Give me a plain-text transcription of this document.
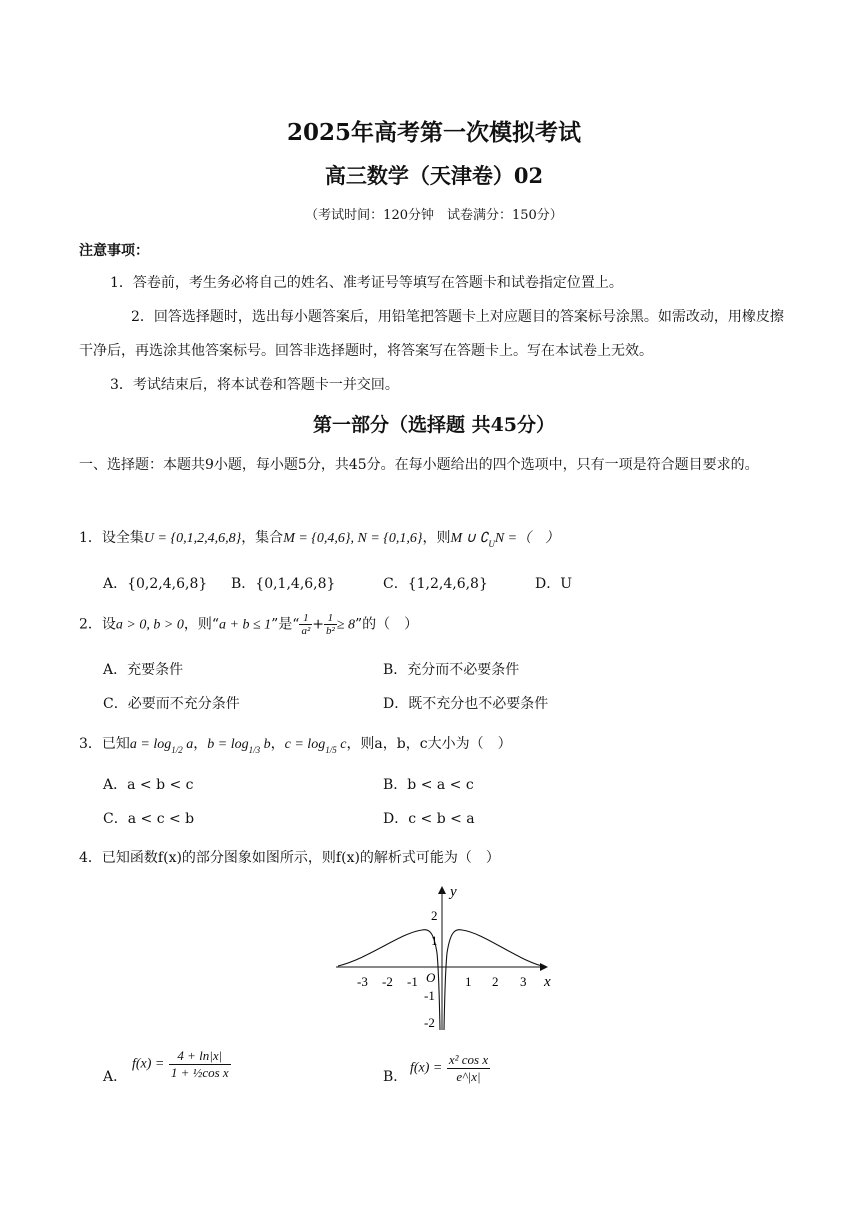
2025年高考第一次模拟考试
高三数学（天津卷）02
（考试时间：120分钟　试卷满分：150分）
注意事项：
1．答卷前，考生务必将自己的姓名、准考证号等填写在答题卡和试卷指定位置上。
2．回答选择题时，选出每小题答案后，用铅笔把答题卡上对应题目的答案标号涂黑。如需改动，用橡皮擦干净后，再选涂其他答案标号。回答非选择题时，将答案写在答题卡上。写在本试卷上无效。
3．考试结束后，将本试卷和答题卡一并交回。
第一部分（选择题 共45分）
一、选择题：本题共9小题，每小题5分，共45分。在每小题给出的四个选项中，只有一项是符合题目要求的。
1．设全集U = {0,1,2,4,6,8}，集合M = {0,4,6}, N = {0,1,6}，则M ∪ $∁_UN$ =（　）
A．{0,2,4,6,8} B．{0,1,4,6,8}	C．{1,2,4,6,8}	D．U
2．设a > 0, b > 0，则“a + b ≤ 1”是“ $\frac{1}{\text{a²}} + \frac{1}{\text{b²}} \ge 8$”的（　）
A．充要条件	B．充分而不必要条件
C．必要而不充分条件	D．既不充分也不必要条件
3．已知$a = \log_{1/2} a$，$b = \log_{1/3} b$，$c = \log_{1/5} c$，则a，b，c大小为（　）
A．a < b < c	B．b < a < c
C．a < c < b	D．c < b < a
4．已知函数f(x)的部分图象如图所示，则f(x)的解析式可能为（　）
y
x
O
-3 -2 -1	1 2 3
2
1
-1
-2
A．
$f(x) = \frac{4 + \ln|x|}{\text{1 + ½cos x}}$	B．
$f(x) = \frac{\text{x² cos x}}{e\^{}|x|}$
